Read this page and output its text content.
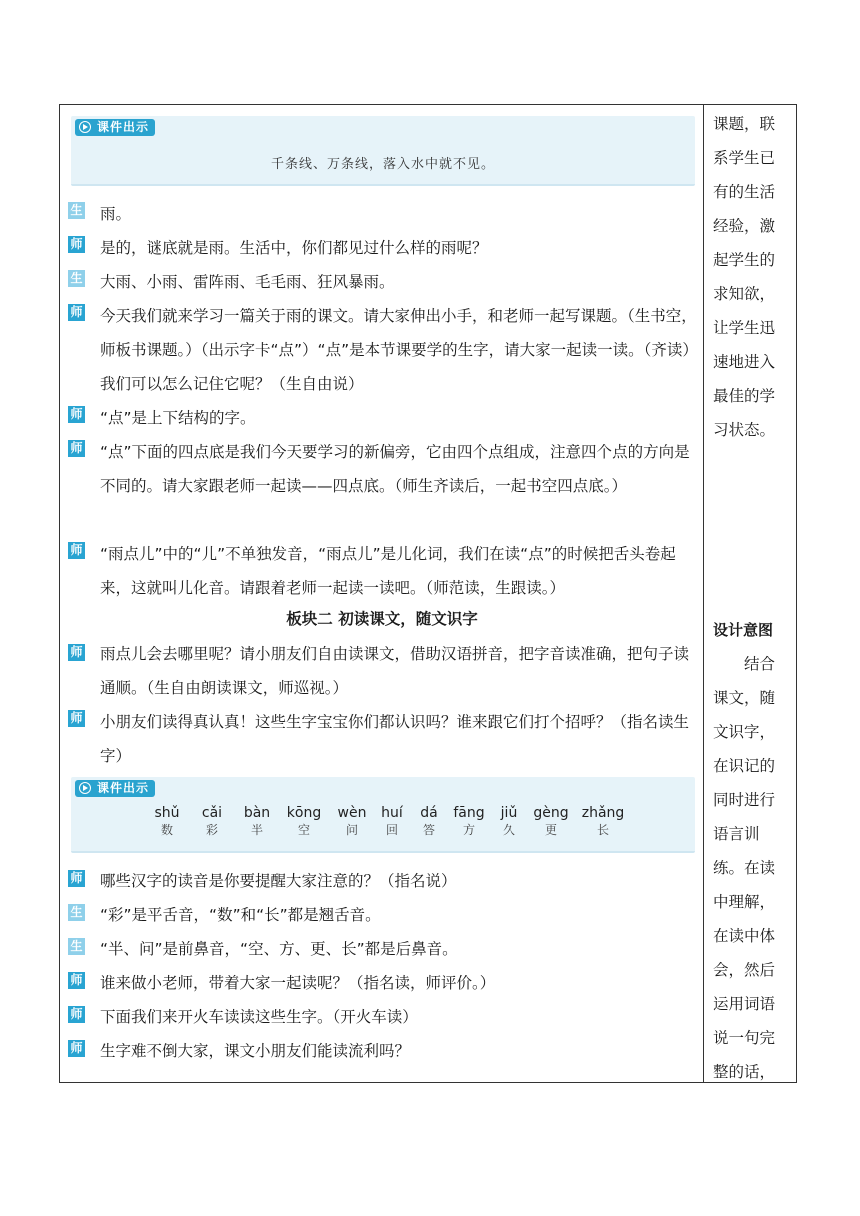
课件出示
千条线、万条线，落入水中就不见。
生 雨。

师 是的，谜底就是雨。生活中，你们都见过什么样的雨呢？

生 大雨、小雨、雷阵雨、毛毛雨、狂风暴雨。

师 今天我们就来学习一篇关于雨的课文。请大家伸出小手，和老师一起写课题。（生书空，师板书课题。）（出示字卡“点”）“点”是本节课要学的生字，请大家一起读一读。（齐读）我们可以怎么记住它呢？（生自由说）

师 “点”是上下结构的字。

师 “点”下面的四点底是我们今天要学习的新偏旁，它由四个点组成，注意四个点的方向是不同的。请大家跟老师一起读——四点底。（师生齐读后，一起书空四点底。）

师 “雨点儿”中的“儿”不单独发音，“雨点儿”是儿化词，我们在读“点”的时候把舌头卷起来，这就叫儿化音。请跟着老师一起读一读吧。（师范读，生跟读。）

板块二 初读课文，随文识字
师 雨点儿会去哪里呢？请小朋友们自由读课文，借助汉语拼音，把字音读准确，把句子读通顺。（生自由朗读课文，师巡视。）

师 小朋友们读得真认真！这些生字宝宝你们都认识吗？谁来跟它们打个招呼？（指名读生字）

课件出示
shǔ
数
cǎi
彩
bàn
半
kōng
空
wèn
问
huí
回
dá
答
fāng
方
jiǔ
久
gèng
更
zhǎng
长
师 哪些汉字的读音是你要提醒大家注意的？（指名说）

生 “彩”是平舌音，“数”和“长”都是翘舌音。

生 “半、问”是前鼻音，“空、方、更、长”都是后鼻音。

师 谁来做小老师，带着大家一起读呢？（指名读，师评价。）

师 下面我们来开火车读读这些生字。（开火车读）

师 生字难不倒大家，课文小朋友们能读流利吗？

课题，联系学生已有的生活经验，激起学生的求知欲，让学生迅速地进入最佳的学习状态。

设计意图

　　结合课文，随文识字，在识记的同时进行语言训练。在读中理解，在读中体会，然后运用词语说一句完整的话，
